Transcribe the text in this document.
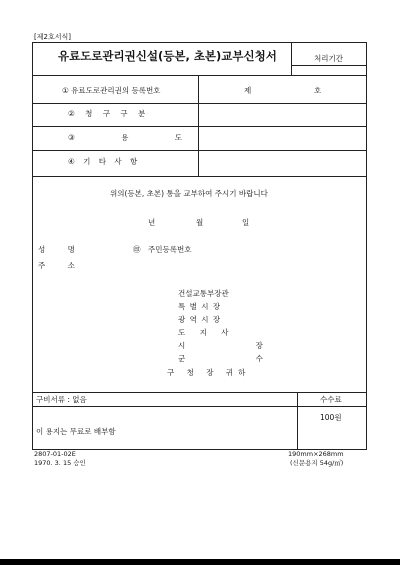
[제2호서식]
유료도로관리권신설(등본, 초본)교부신청서	처리기간
① 유료도로관리권의 등록번호	제	호
② 청 구 구 분
③ 용 도
④ 기 타 사 항
위의(등본, 초본) 통을 교부하여 주시기 바랍니다
년	월	일
성 명	㊞ 주민등록번호
주 소
건설교통부장관
특 별 시 장
광 역 시 장
도 지 사
시 장
군 수
구 청 장 귀하
구비서류 : 없음	수수료
100원
이 용지는 무료로 배부함
2807-01-02E
1970. 3. 15 승인
190mm×268mm
(신문용지 54g/㎡)
